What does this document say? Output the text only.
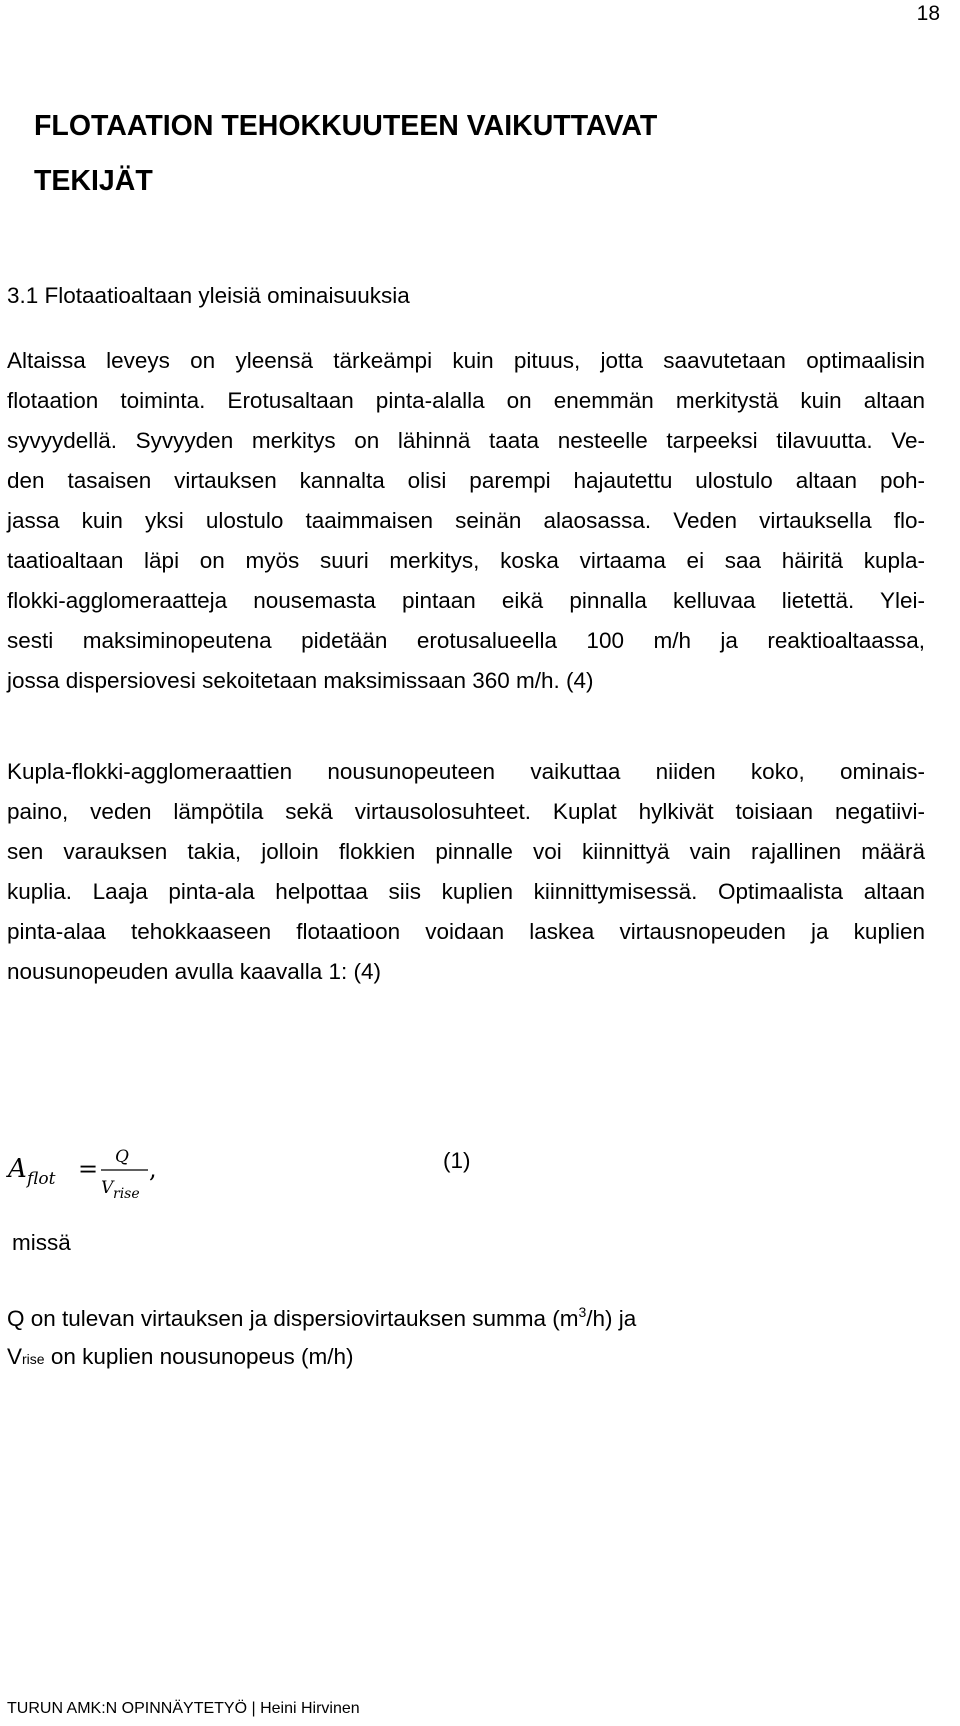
18
FLOTAATION TEHOKKUUTEEN VAIKUTTAVAT
TEKIJÄT
3.1 Flotaatioaltaan yleisiä ominaisuuksia
Altaissa leveys on yleensä tärkeämpi kuin pituus, jotta saavutetaan optimaalisin
flotaation toiminta. Erotusaltaan pinta-alalla on enemmän merkitystä kuin altaan
syvyydellä. Syvyyden merkitys on lähinnä taata nesteelle tarpeeksi tilavuutta. Ve-
den tasaisen virtauksen kannalta olisi parempi hajautettu ulostulo altaan poh-
jassa kuin yksi ulostulo taaimmaisen seinän alaosassa. Veden virtauksella flo-
taatioaltaan läpi on myös suuri merkitys, koska virtaama ei saa häiritä kupla-
flokki-agglomeraatteja nousemasta pintaan eikä pinnalla kelluvaa lietettä. Ylei-
sesti maksiminopeutena pidetään erotusalueella 100 m/h ja reaktioaltaassa,
jossa dispersiovesi sekoitetaan maksimissaan 360 m/h. (4)
Kupla-flokki-agglomeraattien nousunopeuteen vaikuttaa niiden koko, ominais-
paino, veden lämpötila sekä virtausolosuhteet. Kuplat hylkivät toisiaan negatiivi-
sen varauksen takia, jolloin flokkien pinnalle voi kiinnittyä vain rajallinen määrä
kuplia. Laaja pinta-ala helpottaa siis kuplien kiinnittymisessä. Optimaalista altaan
pinta-alaa tehokkaaseen flotaatioon voidaan laskea virtausnopeuden ja kuplien
nousunopeuden avulla kaavalla 1: (4)
A flot = Q
V rise
,	(1)
missä
Q on tulevan virtauksen ja dispersiovirtauksen summa $(m^3/h)$ ja
Vrise on kuplien nousunopeus (m/h)
TURUN AMK:N OPINNÄYTETYÖ | Heini Hirvinen
